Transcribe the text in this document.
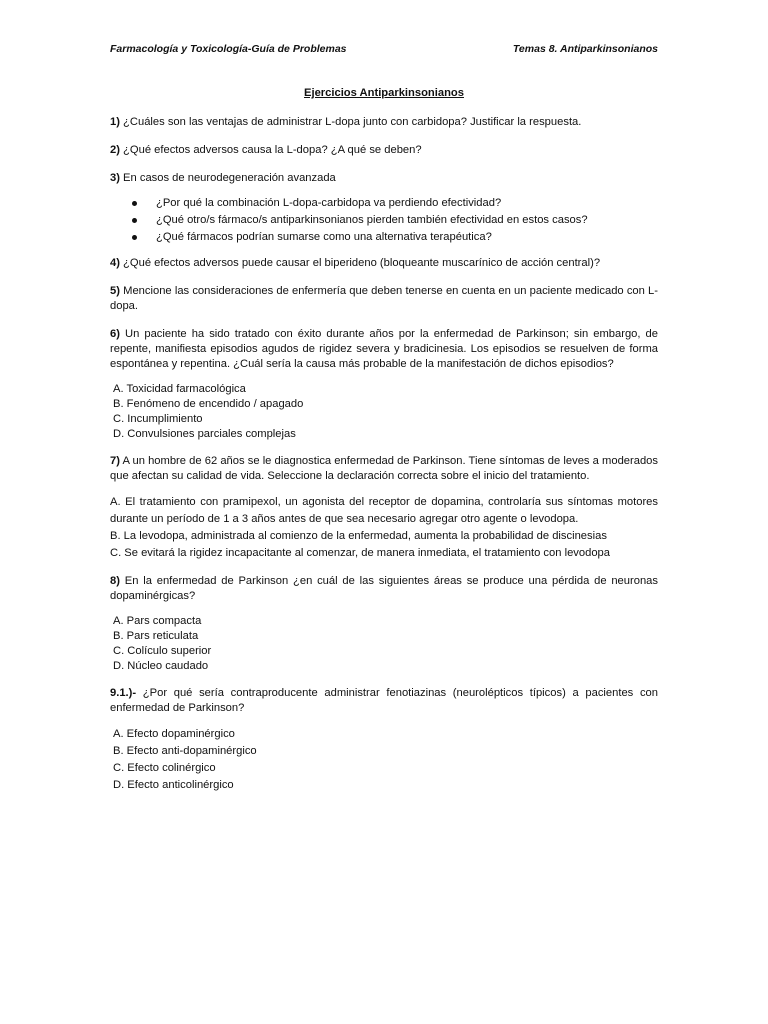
Farmacología y Toxicología-Guía de Problemas	Temas 8. Antiparkinsonianos
Ejercicios Antiparkinsonianos

1) ¿Cuáles son las ventajas de administrar L-dopa junto con carbidopa? Justificar la respuesta.

2) ¿Qué efectos adversos causa la L-dopa? ¿A qué se deben?

3) En casos de neurodegeneración avanzada

¿Por qué la combinación L-dopa-carbidopa va perdiendo efectividad?
¿Qué otro/s fármaco/s antiparkinsonianos pierden también efectividad en estos casos?
¿Qué fármacos podrían sumarse como una alternativa terapéutica?

4) ¿Qué efectos adversos puede causar el biperideno (bloqueante muscarínico de acción central)?

5) Mencione las consideraciones de enfermería que deben tenerse en cuenta en un paciente medicado con L-dopa.

6) Un paciente ha sido tratado con éxito durante años por la enfermedad de Parkinson; sin embargo, de repente, manifiesta episodios agudos de rigidez severa y bradicinesia. Los episodios se resuelven de forma espontánea y repentina. ¿Cuál sería la causa más probable de la manifestación de dichos episodios?

A. Toxicidad farmacológica
B. Fenómeno de encendido / apagado
C. Incumplimiento
D. Convulsiones parciales complejas

7) A un hombre de 62 años se le diagnostica enfermedad de Parkinson. Tiene síntomas de leves a moderados que afectan su calidad de vida. Seleccione la declaración correcta sobre el inicio del tratamiento.

A. El tratamiento con pramipexol, un agonista del receptor de dopamina, controlaría sus síntomas motores durante un período de 1 a 3 años antes de que sea necesario agregar otro agente o levodopa.
B. La levodopa, administrada al comienzo de la enfermedad, aumenta la probabilidad de discinesias
C. Se evitará la rigidez incapacitante al comenzar, de manera inmediata, el tratamiento con levodopa

8) En la enfermedad de Parkinson ¿en cuál de las siguientes áreas se produce una pérdida de neuronas dopaminérgicas?

A. Pars compacta
B. Pars reticulata
C. Colículo superior
D. Núcleo caudado

9.1.)- ¿Por qué sería contraproducente administrar fenotiazinas (neurolépticos típicos) a pacientes con enfermedad de Parkinson?

A. Efecto dopaminérgico
B. Efecto anti-dopaminérgico
C. Efecto colinérgico
D. Efecto anticolinérgico
